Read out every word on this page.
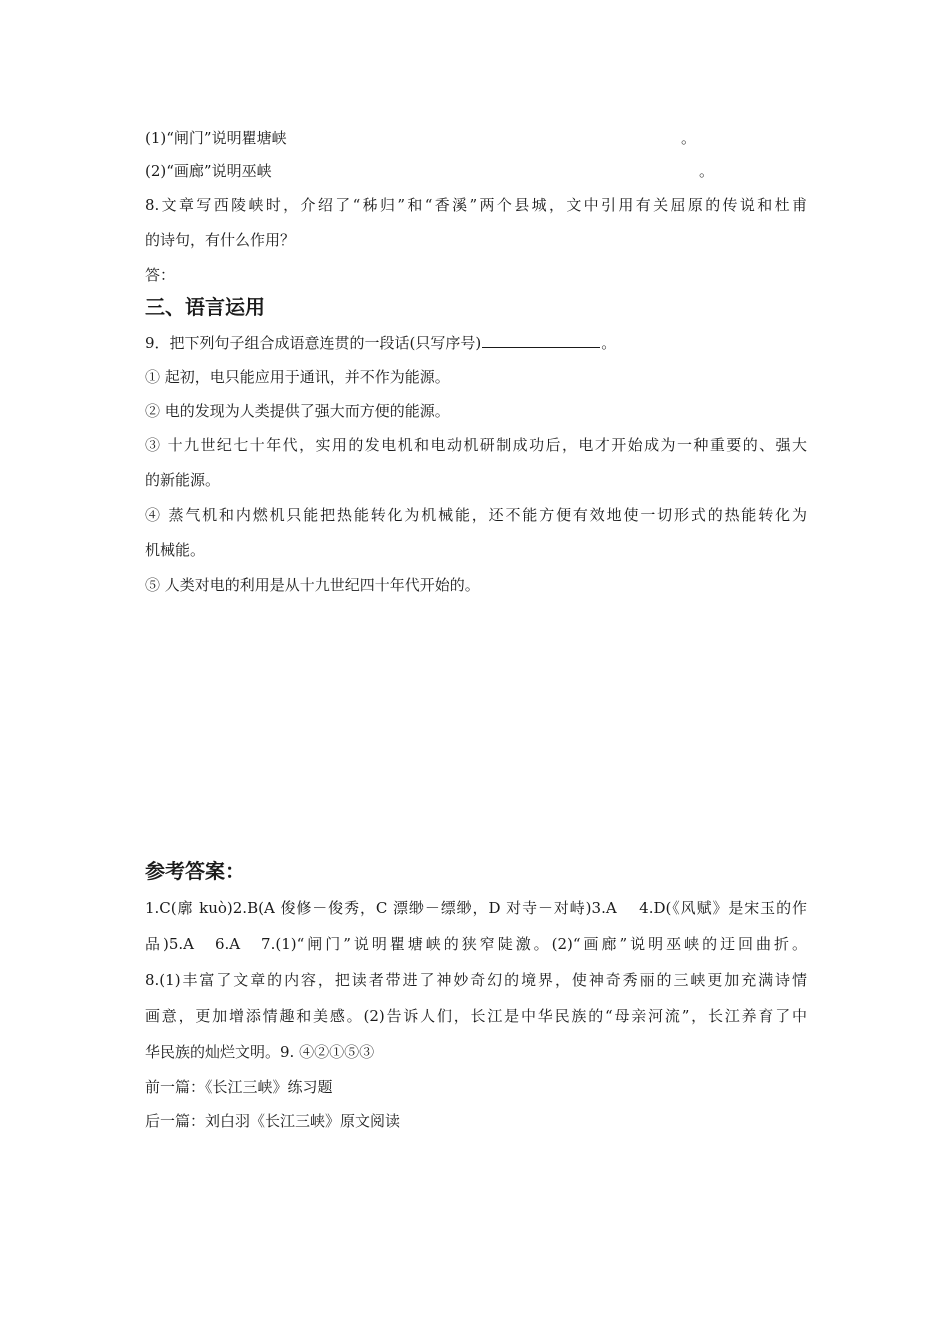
(1)“闸门”说明瞿塘峡	。
(2)“画廊”说明巫峡	。
8.文章写西陵峡时，介绍了“秭归”和“香溪”两个县城，文中引用有关屈原的传说和杜甫
的诗句，有什么作用？
答：
三、语言运用
9．把下列句子组合成语意连贯的一段话(只写序号)	。
① 起初，电只能应用于通讯，并不作为能源。
② 电的发现为人类提供了强大而方便的能源。
③ 十九世纪七十年代，实用的发电机和电动机研制成功后，电才开始成为一种重要的、强大
的新能源。
④ 蒸气机和内燃机只能把热能转化为机械能，还不能方便有效地使一切形式的热能转化为
机械能。
⑤ 人类对电的利用是从十九世纪四十年代开始的。
参考答案：
1.C(廓 kuò)2.B(A 俊修－俊秀，C 漂缈－缥缈，D 对寺－对峙)3.A　 4.D(《风赋》是宋玉的作
品)5.A　6.A　7.(1)“闸门”说明瞿塘峡的狭窄陡激。(2)“画廊”说明巫峡的迂回曲折。
8.(1)丰富了文章的内容，把读者带进了神妙奇幻的境界，使神奇秀丽的三峡更加充满诗情
画意，更加增添情趣和美感。(2)告诉人们，长江是中华民族的“母亲河流”，长江养育了中
华民族的灿烂文明。9. ④②①⑤③
前一篇：《长江三峡》练习题
后一篇：刘白羽《长江三峡》原文阅读
